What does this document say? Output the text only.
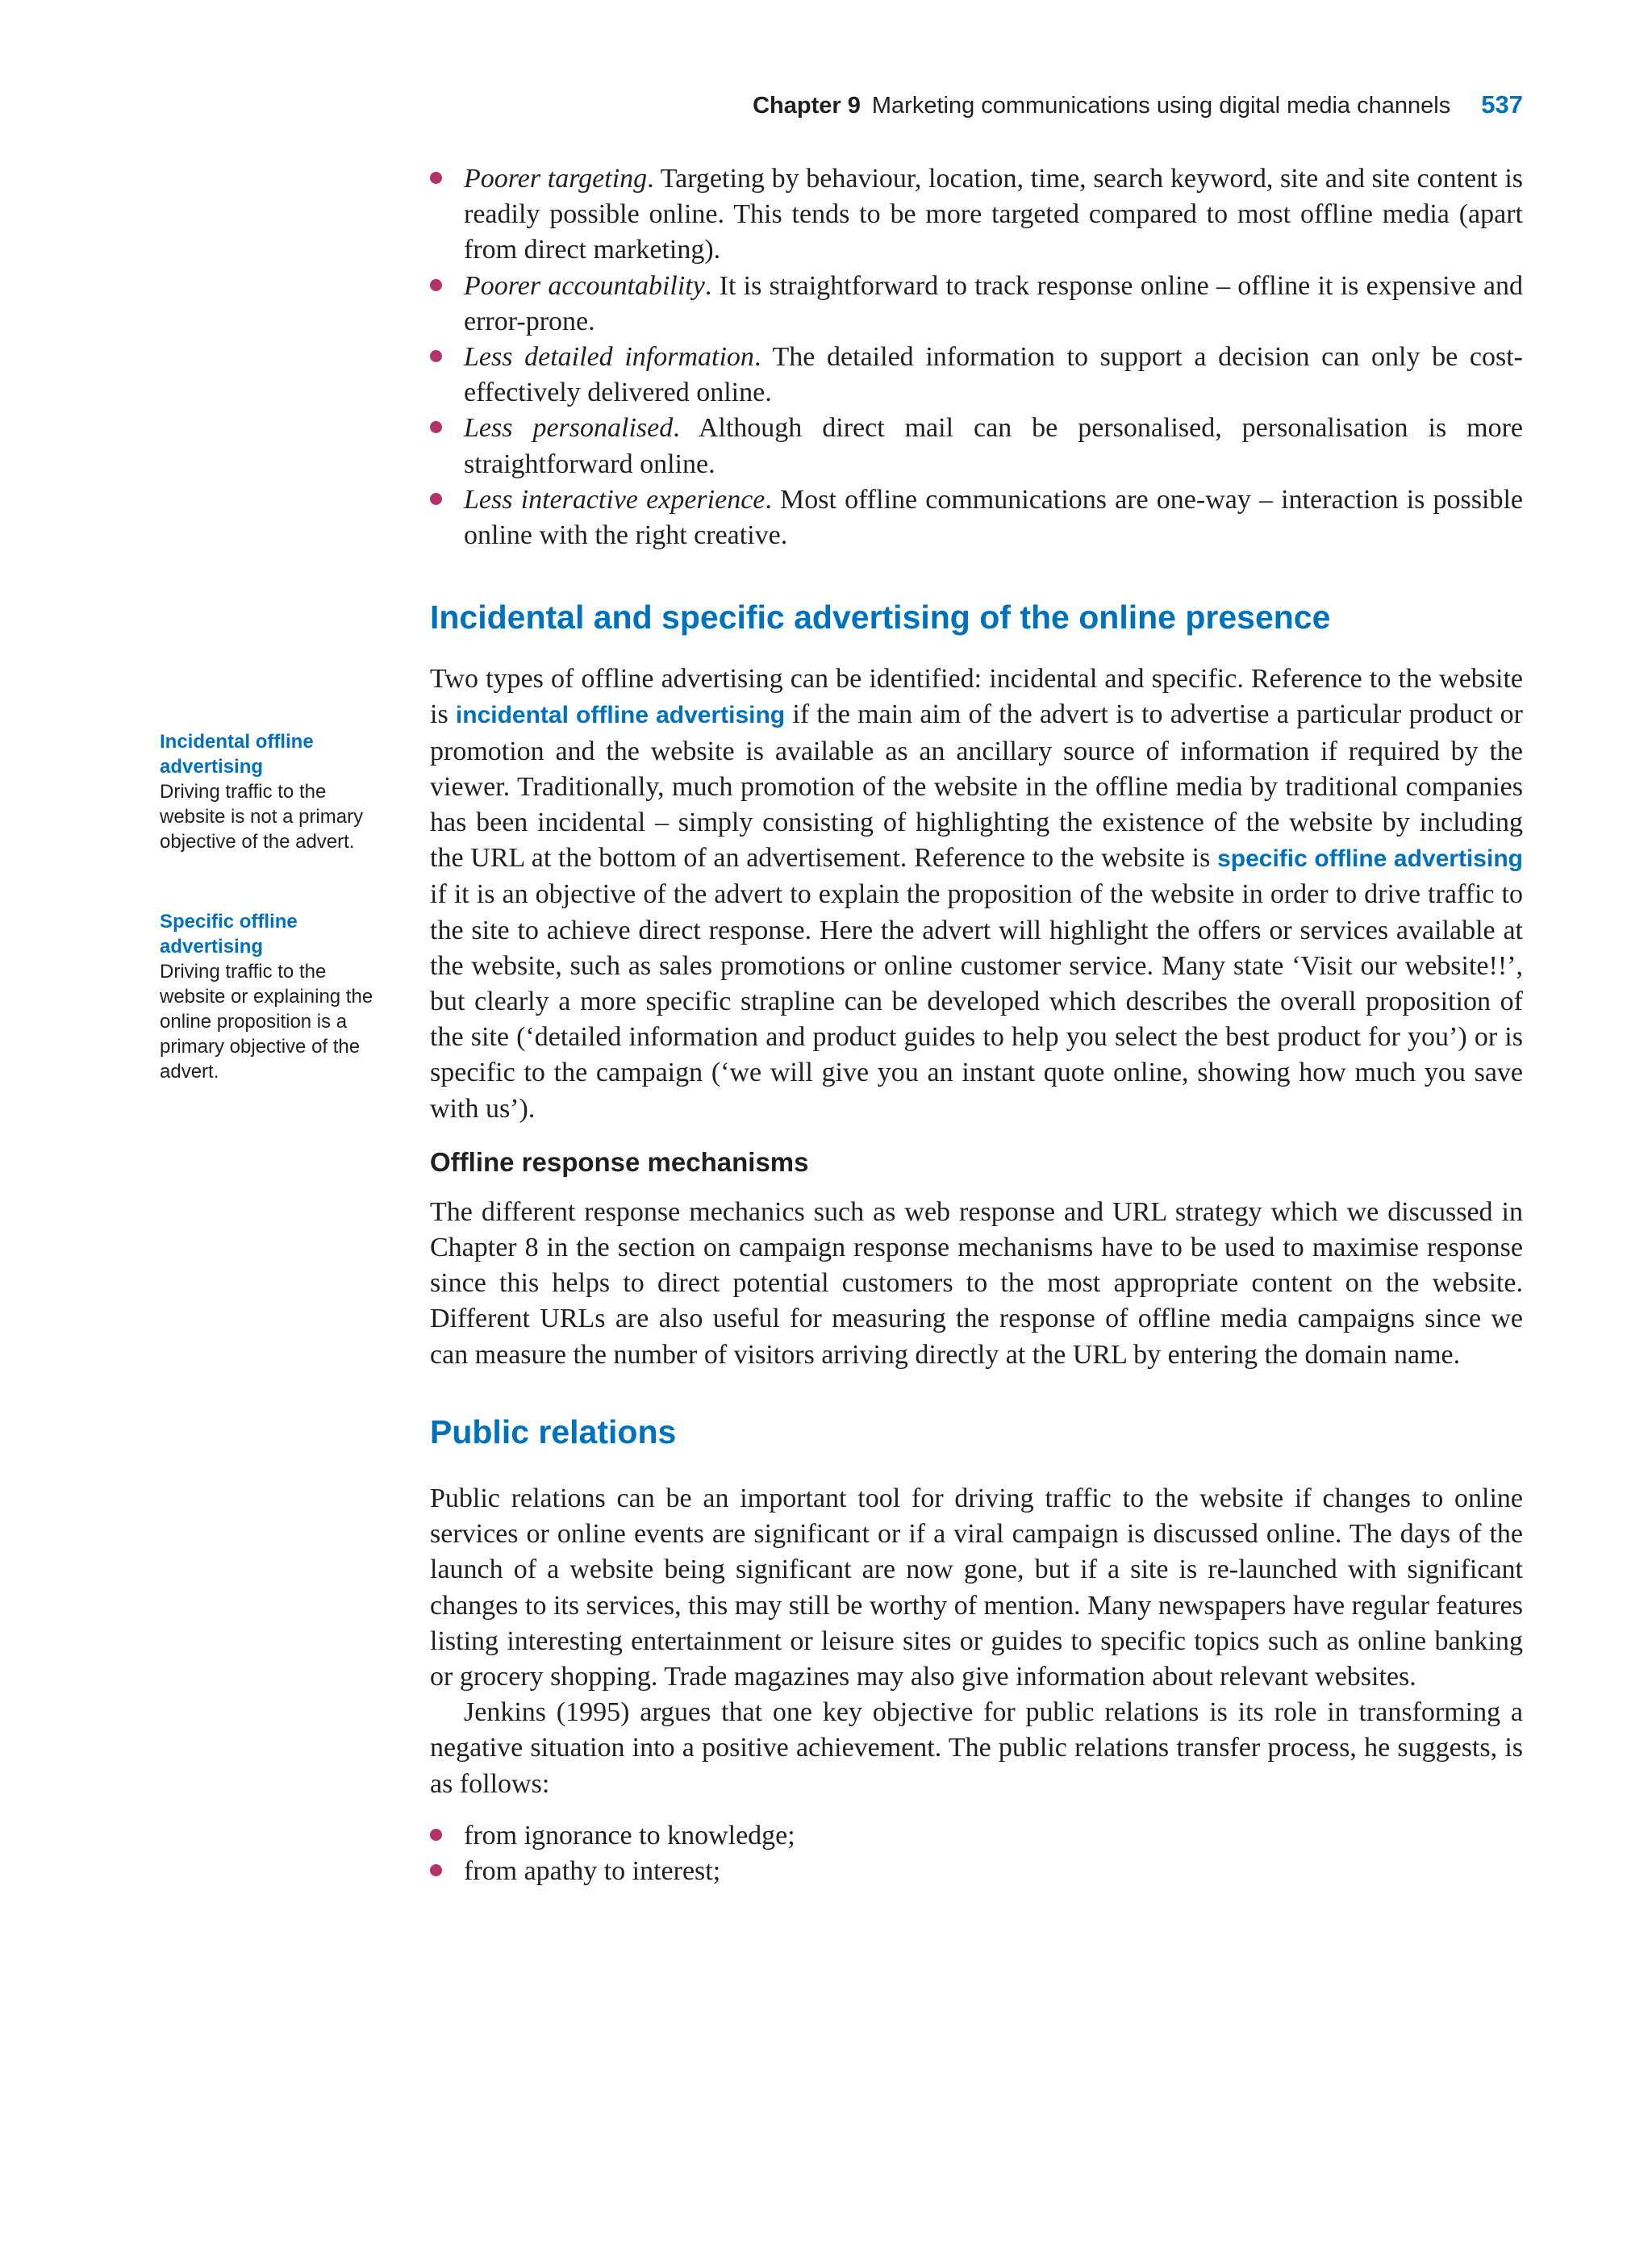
Chapter 9 Marketing communications using digital media channels 537
Incidental offline advertising
Driving traffic to the website is not a primary objective of the advert.
Specific offline advertising
Driving traffic to the website or explaining the online proposition is a primary objective of the advert.
Poorer targeting. Targeting by behaviour, location, time, search keyword, site and site content is readily possible online. This tends to be more targeted compared to most offline media (apart from direct marketing).
Poorer accountability. It is straightforward to track response online – offline it is expensive and error-prone.
Less detailed information. The detailed information to support a decision can only be cost-effectively delivered online.
Less personalised. Although direct mail can be personalised, personalisation is more straightforward online.
Less interactive experience. Most offline communications are one-way – interaction is possible online with the right creative.
Incidental and specific advertising of the online presence

Two types of offline advertising can be identified: incidental and specific. Reference to the website is incidental offline advertising if the main aim of the advert is to advertise a particular product or promotion and the website is available as an ancillary source of information if required by the viewer. Traditionally, much promotion of the website in the offline media by traditional companies has been incidental – simply consisting of highlighting the existence of the website by including the URL at the bottom of an advertisement. Reference to the website is specific offline advertising if it is an objective of the advert to explain the proposition of the website in order to drive traffic to the site to achieve direct response. Here the advert will highlight the offers or services available at the website, such as sales promotions or online customer service. Many state ‘Visit our website!!’, but clearly a more specific strapline can be developed which describes the overall proposition of the site (‘detailed information and product guides to help you select the best product for you’) or is specific to the campaign (‘we will give you an instant quote online, showing how much you save with us’).

Offline response mechanisms

The different response mechanics such as web response and URL strategy which we discussed in Chapter 8 in the section on campaign response mechanisms have to be used to maximise response since this helps to direct potential customers to the most appropriate content on the website. Different URLs are also useful for measuring the response of offline media campaigns since we can measure the number of visitors arriving directly at the URL by entering the domain name.

Public relations

Public relations can be an important tool for driving traffic to the website if changes to online services or online events are significant or if a viral campaign is discussed online. The days of the launch of a website being significant are now gone, but if a site is re-launched with significant changes to its services, this may still be worthy of mention. Many newspapers have regular features listing interesting entertainment or leisure sites or guides to specific topics such as online banking or grocery shopping. Trade magazines may also give information about relevant websites.

Jenkins (1995) argues that one key objective for public relations is its role in transforming a negative situation into a positive achievement. The public relations transfer process, he suggests, is as follows:

from ignorance to knowledge;
from apathy to interest;
